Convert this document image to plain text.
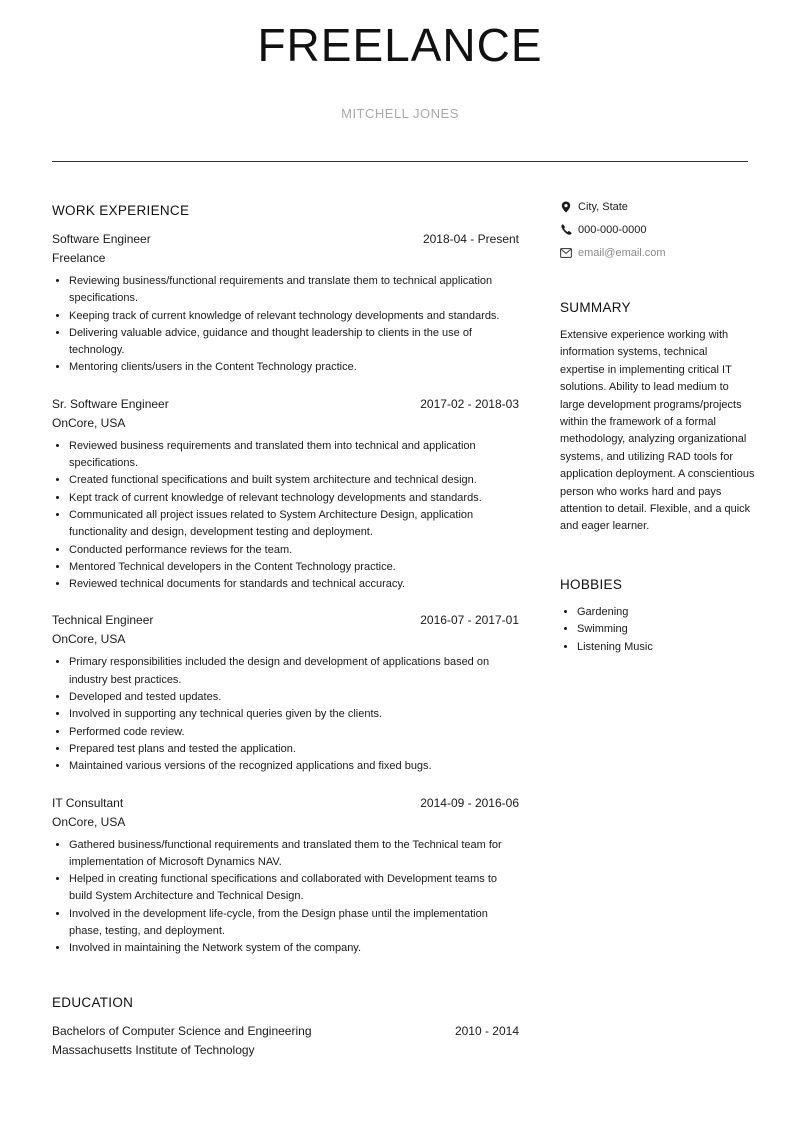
FREELANCE
MITCHELL JONES
WORK EXPERIENCE
Software Engineer	2018-04 - Present
Freelance
• Reviewing business/functional requirements and translate them to technical application specifications.
• Keeping track of current knowledge of relevant technology developments and standards.
• Delivering valuable advice, guidance and thought leadership to clients in the use of technology.
• Mentoring clients/users in the Content Technology practice.
Sr. Software Engineer	2017-02 - 2018-03
OnCore, USA
• Reviewed business requirements and translated them into technical and application specifications.
• Created functional specifications and built system architecture and technical design.
• Kept track of current knowledge of relevant technology developments and standards.
• Communicated all project issues related to System Architecture Design, application functionality and design, development testing and deployment.
• Conducted performance reviews for the team.
• Mentored Technical developers in the Content Technology practice.
• Reviewed technical documents for standards and technical accuracy.
Technical Engineer	2016-07 - 2017-01
OnCore, USA
• Primary responsibilities included the design and development of applications based on industry best practices.
• Developed and tested updates.
• Involved in supporting any technical queries given by the clients.
• Performed code review.
• Prepared test plans and tested the application.
• Maintained various versions of the recognized applications and fixed bugs.
IT Consultant	2014-09 - 2016-06
OnCore, USA
• Gathered business/functional requirements and translated them to the Technical team for implementation of Microsoft Dynamics NAV.
• Helped in creating functional specifications and collaborated with Development teams to build System Architecture and Technical Design.
• Involved in the development life-cycle, from the Design phase until the implementation phase, testing, and deployment.
• Involved in maintaining the Network system of the company.
EDUCATION
Bachelors of Computer Science and Engineering	2010 - 2014
Massachusetts Institute of Technology
City, State
000-000-0000
email@email.com
SUMMARY
Extensive experience working with information systems, technical expertise in implementing critical IT solutions. Ability to lead medium to large development programs/projects within the framework of a formal methodology, analyzing organizational systems, and utilizing RAD tools for application deployment. A conscientious person who works hard and pays attention to detail. Flexible, and a quick and eager learner.
HOBBIES
• Gardening
• Swimming
• Listening Music
